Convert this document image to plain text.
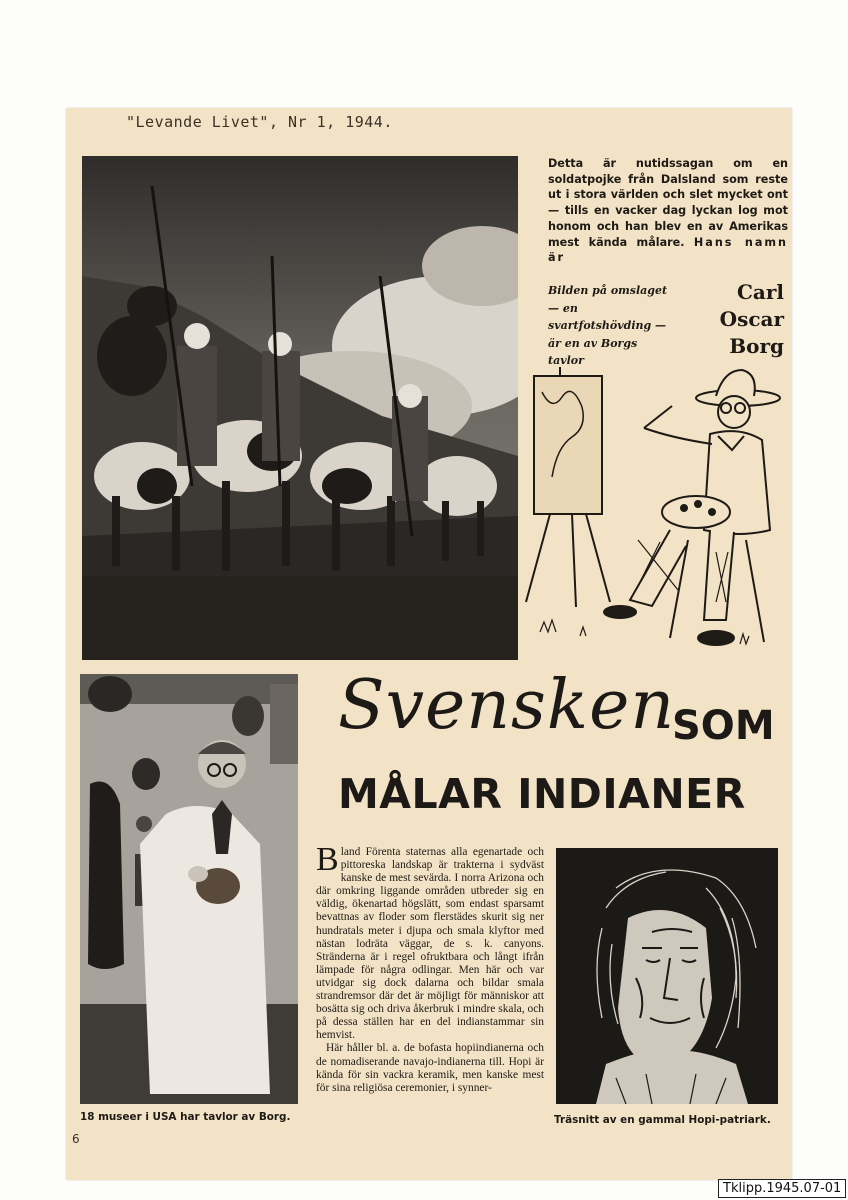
"Levande Livet", Nr 1, 1944.

Detta är nutidssagan om en soldatpojke från Dalsland som reste ut i stora världen och slet mycket ont — tills en vacker dag lyckan log mot honom och han blev en av Amerikas mest kända målare. Hans namn är

Bilden på omslaget — en svartfotshövding — är en av Borgs tavlor

Carl
Oscar
Borg
Svensken
SOM
MÅLAR INDIANER
18 museer i USA har tavlor av Borg.

Bland Förenta staternas alla egenartade och pittoreska landskap är trakterna i sydväst kanske de mest sevärda. I norra Arizona och där omkring liggande områden utbreder sig en väldig, ökenartad högslätt, som endast sparsamt bevattnas av floder som flerstädes skurit sig ner hundratals meter i djupa och smala klyftor med nästan lodräta väggar, de s. k. canyons. Stränderna är i regel ofruktbara och långt ifrån lämpade för några odlingar. Men här och var utvidgar sig dock dalarna och bildar smala strandremsor där det är möjligt för människor att bosätta sig och driva åkerbruk i mindre skala, och på dessa ställen har en del indianstammar sin hemvist.

Här håller bl. a. de bofasta hopiindianerna och de nomadiserande navajo-indianerna till. Hopi är kända för sin vackra keramik, men kanske mest för sina religiösa ceremonier, i synner-

Träsnitt av en gammal Hopi-patriark.
6
Tklipp.1945.07-01
